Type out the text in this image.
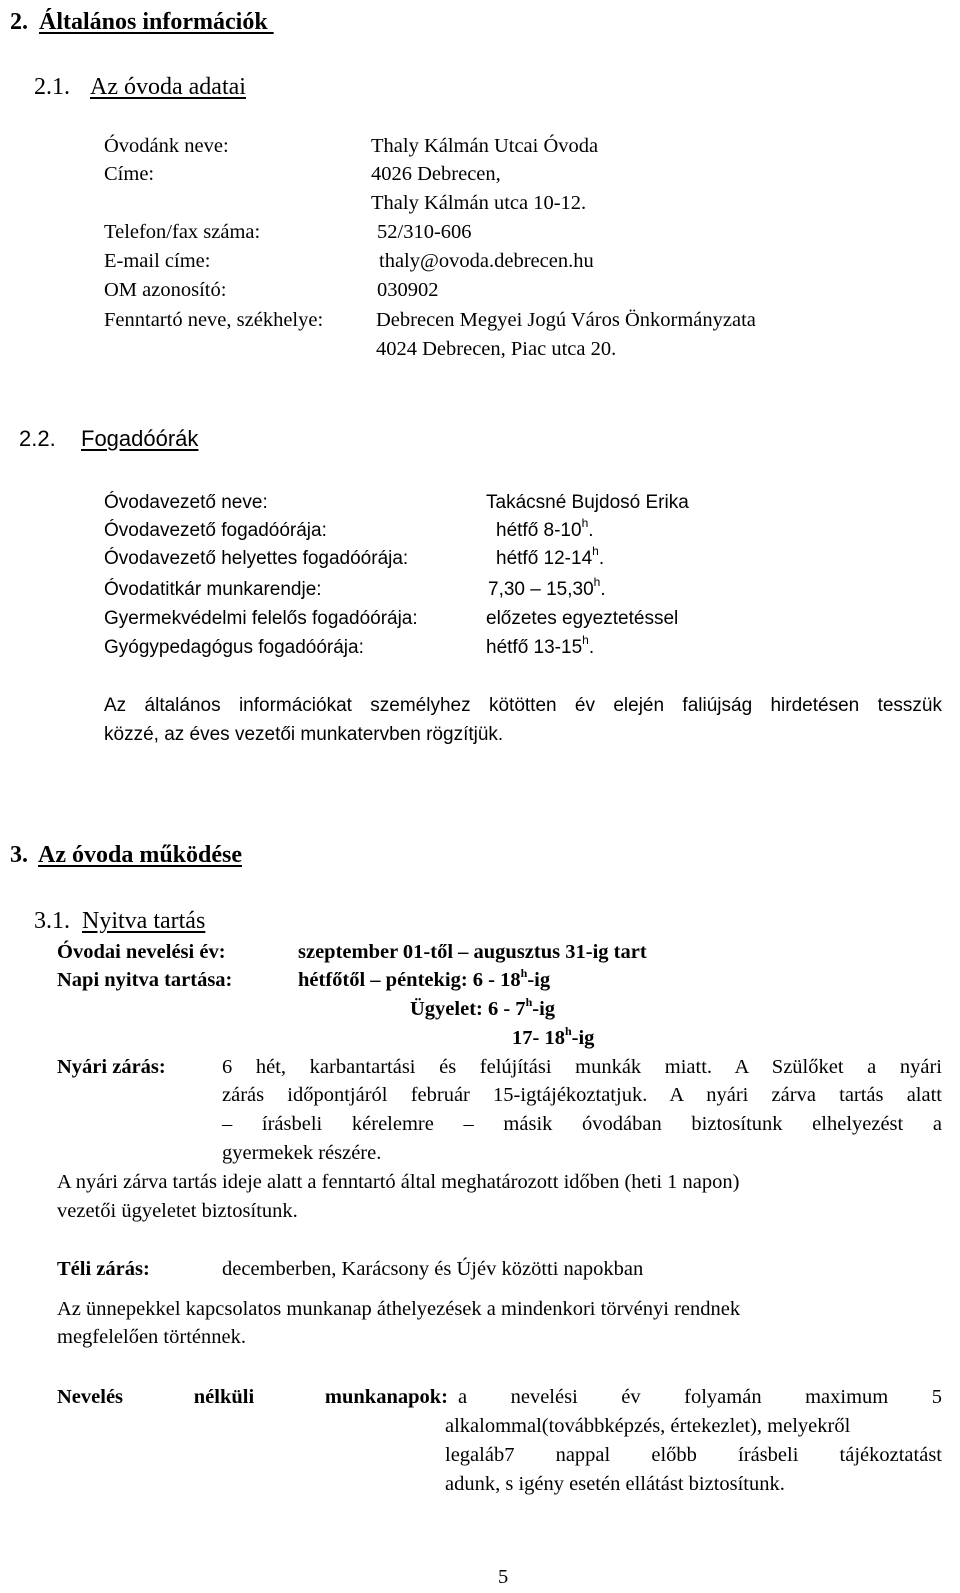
2. Általános információk
2.1. Az óvoda adatai
Óvodánk neve:	Thaly Kálmán Utcai Óvoda
Címe:	4026 Debrecen,
Thaly Kálmán utca 10-12.
Telefon/fax száma:	52/310-606
E-mail címe:	thaly@ovoda.debrecen.hu
OM azonosító:	030902
Fenntartó neve, székhelye:	Debrecen Megyei Jogú Város Önkormányzata
4024 Debrecen, Piac utca 20.
2.2. Fogadóórák
Óvodavezető neve:	Takácsné Bujdosó Erika
Óvodavezető fogadóórája:	hétfő 8-10$^h$.
Óvodavezető helyettes fogadóórája:	hétfő 12-14$^h$.
Óvodatitkár munkarendje:	7,30 – 15,30$^h$.
Gyermekvédelmi felelős fogadóórája:	előzetes egyeztetéssel
Gyógypedagógus fogadóórája:	hétfő 13-15$^h$.
Az általános információkat személyhez kötötten év elején faliújság hirdetésen tesszük
közzé, az éves vezetői munkatervben rögzítjük.
3. Az óvoda működése
3.1. Nyitva tartás
Óvodai nevelési év:	szeptember 01-től – augusztus 31-ig tart
Napi nyitva tartása:	hétfőtől – péntekig: 6 - 18$^h$-ig
Ügyelet: 6 - 7$^h$-ig
17- 18$^h$-ig
Nyári zárás:	6 hét, karbantartási és felújítási munkák miatt. A Szülőket a nyári
zárás időpontjáról február 15-igtájékoztatjuk. A nyári zárva tartás alatt
– írásbeli kérelemre – másik óvodában biztosítunk elhelyezést a
gyermekek részére.
A nyári zárva tartás ideje alatt a fenntartó által meghatározott időben (heti 1 napon)
vezetői ügyeletet biztosítunk.
Téli zárás:	decemberben, Karácsony és Újév közötti napokban
Az ünnepekkel kapcsolatos munkanap áthelyezések a mindenkori törvényi rendnek
megfelelően történnek.
Nevelés nélküli munkanapok: a nevelési év folyamán maximum 5
alkalommal(továbbképzés, értekezlet), melyekről
legaláb7 nappal előbb írásbeli tájékoztatást
adunk, s igény esetén ellátást biztosítunk.
5
